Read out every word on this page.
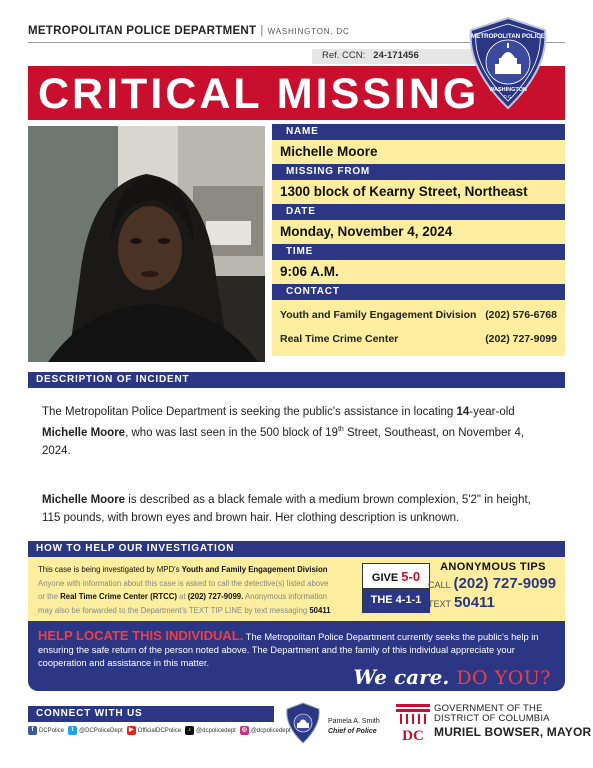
METROPOLITAN POLICE DEPARTMENT | WASHINGTON, DC
Ref. CCN: 24-171456
CRITICAL MISSING
METROPOLITAN POLICE
WASHINGTON
D.C.
NAME
Michelle Moore
MISSING FROM
1300 block of Kearny Street, Northeast
DATE
Monday, November 4, 2024
TIME
9:06 A.M.
CONTACT
Youth and Family Engagement Division (202) 576-6768
Real Time Crime Center	(202) 727-9099
DESCRIPTION OF INCIDENT

The Metropolitan Police Department is seeking the public's assistance in locating 14-year-old Michelle Moore, who was last seen in the 500 block of 19th Street, Southeast, on November 4, 2024.

Michelle Moore is described as a black female with a medium brown complexion, 5'2" in height, 115 pounds, with brown eyes and brown hair. Her clothing description is unknown.

HOW TO HELP OUR INVESTIGATION
This case is being investigated by MPD's Youth and Family Engagement Division
Anyone with information about this case is asked to call the detective(s) listed above
or the Real Time Crime Center (RTCC) at (202) 727-9099. Anonymous information
may also be forwarded to the Department's TEXT TIP LINE by text messaging 50411
GIVE 5-0
THE 4-1-1
ANONYMOUS TIPS
CALL (202) 727-9099
TEXT 50411
HELP LOCATE THIS INDIVIDUAL. The Metropolitan Police Department currently seeks the public's help in ensuring the safe return of the person noted above. The Department and the family of this individual appreciate your cooperation and assistance in this matter.
We care. DO YOU?
CONNECT WITH US
f DCPolice	t @DCPoliceDept	▶ OfficialDCPolice	♪ @dcpolicedept ◎ @dcpolicedept
Pamela A. Smith
Chief of Police DC
GOVERNMENT OF THE
DISTRICT OF COLUMBIA
MURIEL BOWSER, MAYOR
